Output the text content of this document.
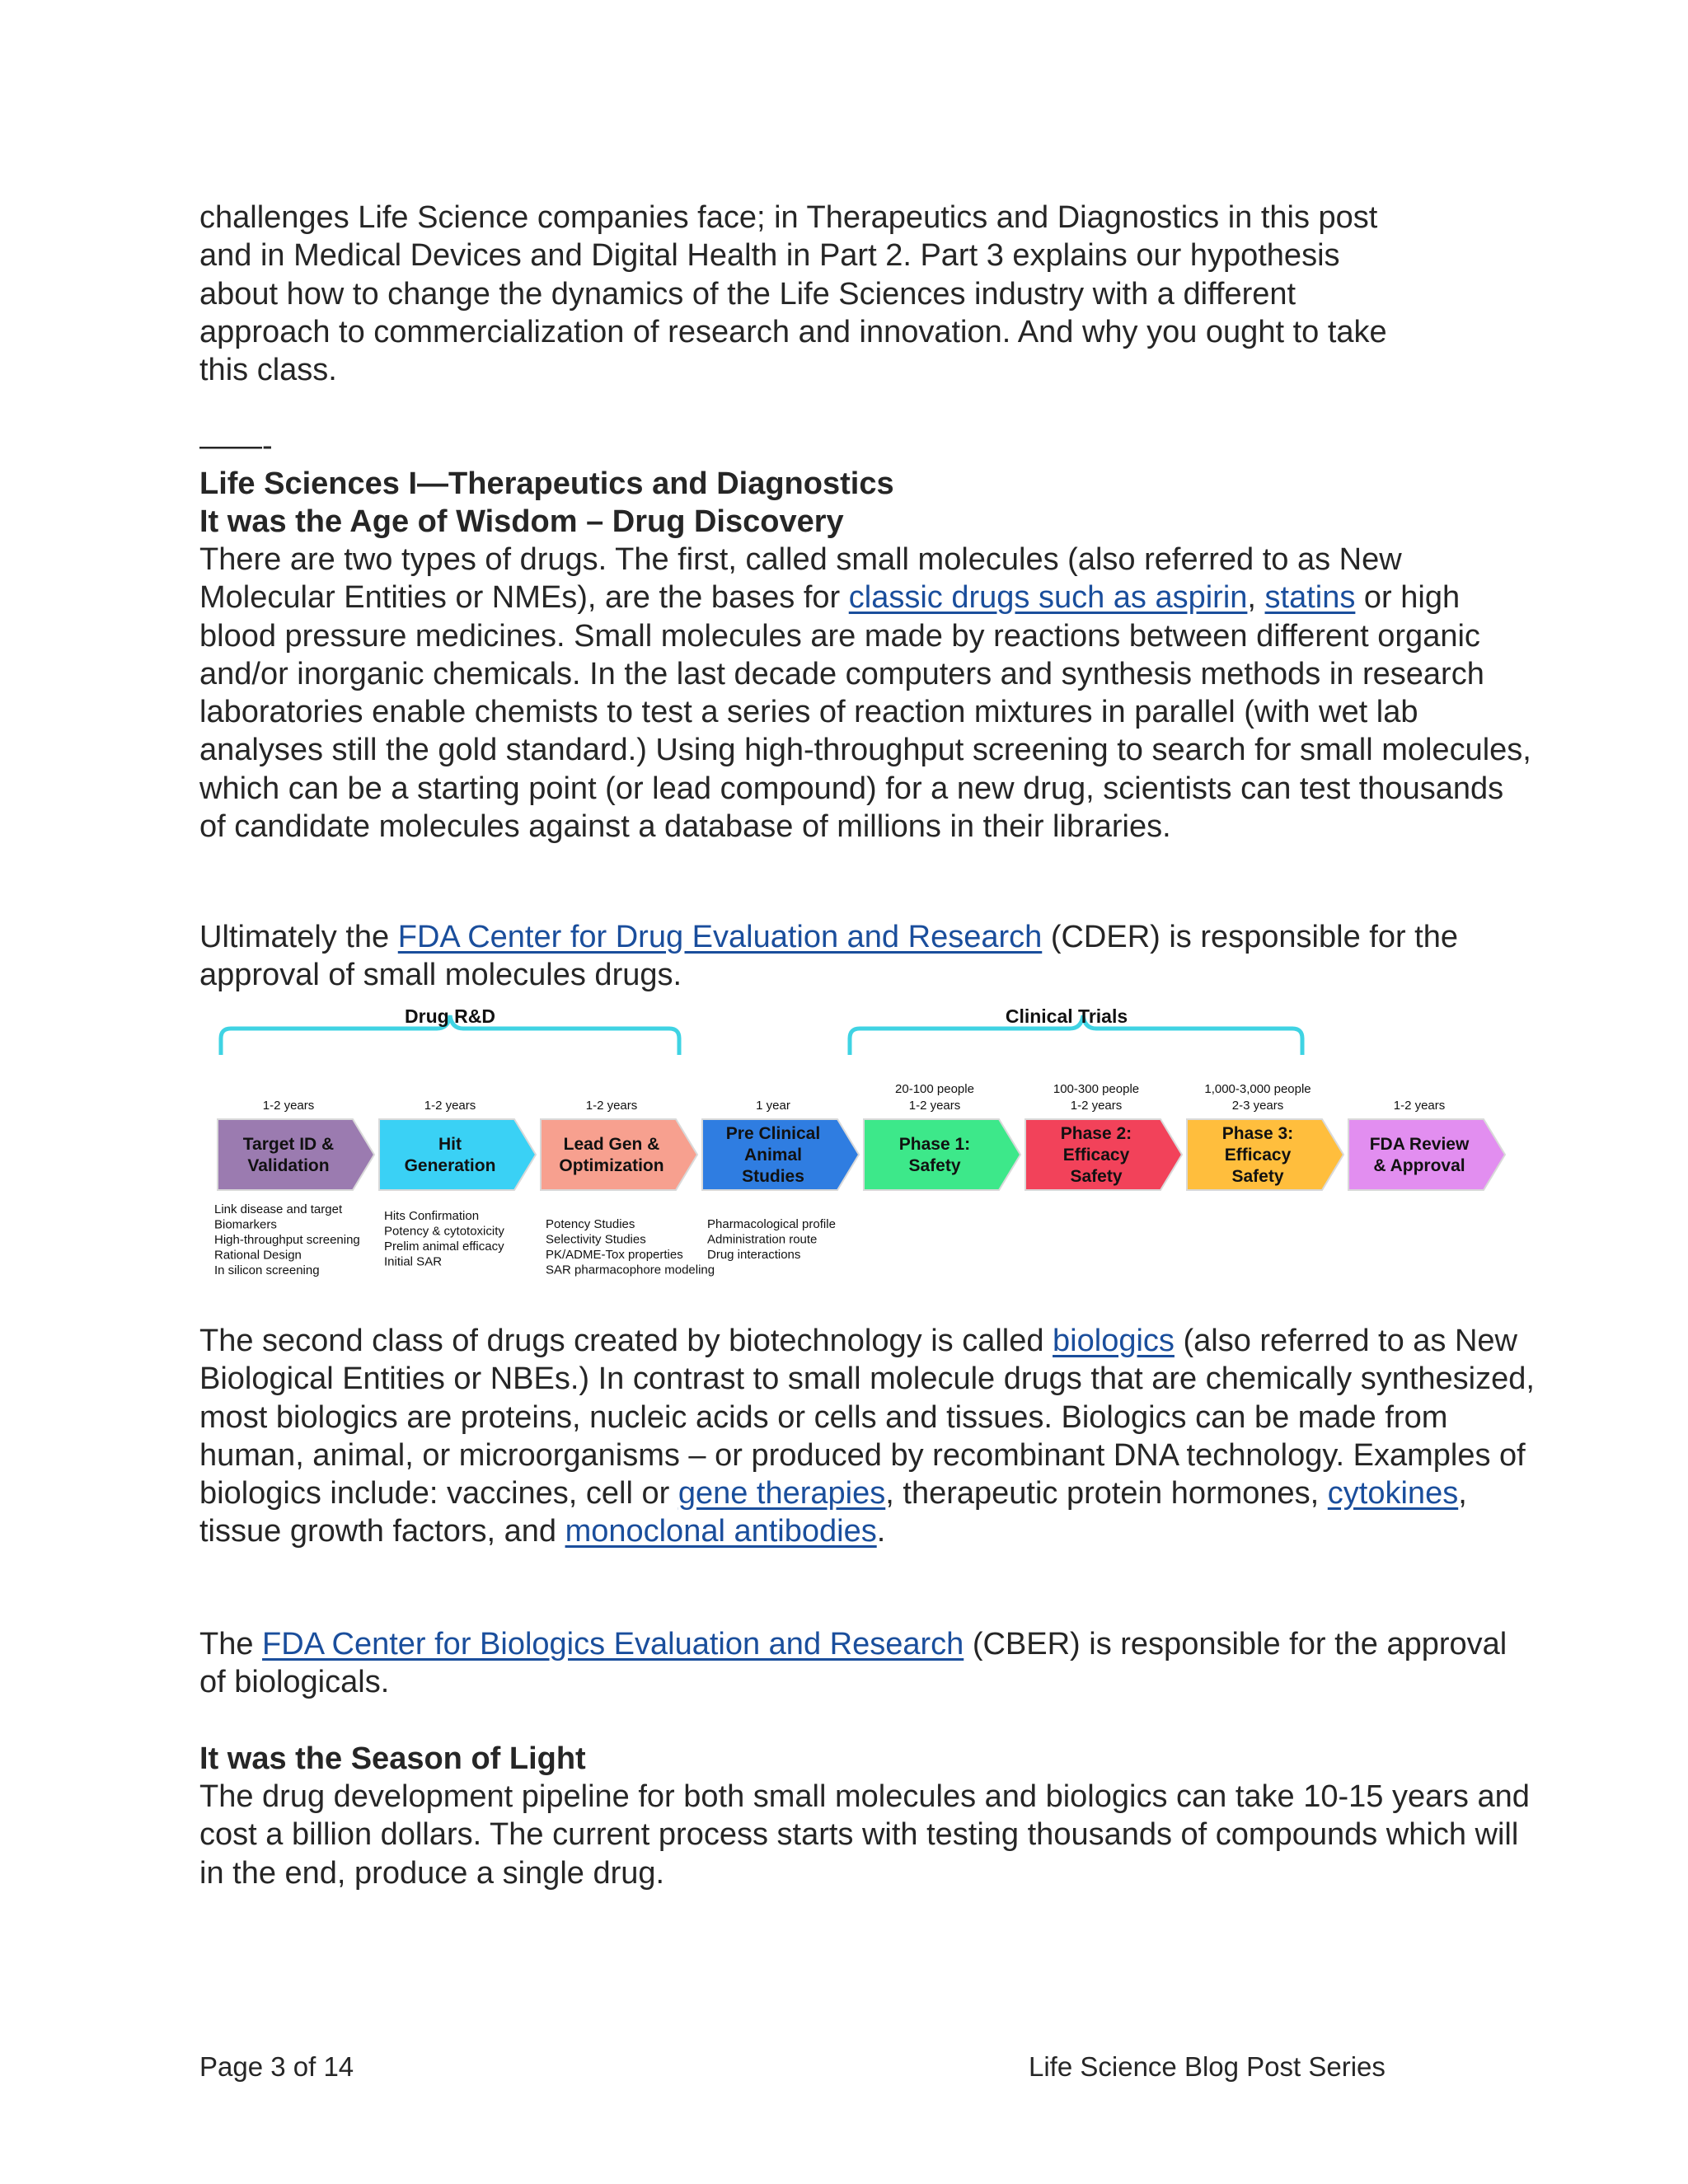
challenges Life Science companies face; in Therapeutics and Diagnostics in this post

and in Medical Devices and Digital Health in Part 2. Part 3 explains our hypothesis

about how to change the dynamics of the Life Sciences industry with a different

approach to commercialization of research and innovation. And why you ought to take

this class.

——-
Life Sciences I—Therapeutics and Diagnostics
It was the Age of Wisdom – Drug Discovery

There are two types of drugs. The first, called small molecules (also referred to as New Molecular Entities or NMEs), are the bases for classic drugs such as aspirin, statins or high blood pressure medicines. Small molecules are made by reactions between different organic and/or inorganic chemicals. In the last decade computers and synthesis methods in research laboratories enable chemists to test a series of reaction mixtures in parallel (with wet lab analyses still the gold standard.) Using high-throughput screening to search for small molecules, which can be a starting point (or lead compound) for a new drug, scientists can test thousands of candidate molecules against a database of millions in their libraries.

Ultimately the FDA Center for Drug Evaluation and Research (CDER) is responsible for the approval of small molecules drugs.

Drug R&D	Clinical Trials
Target ID &
Validation
1-2 years
Hit
Generation
1-2 years
Lead Gen &
Optimization
1-2 years
Pre Clinical
Animal
Studies
1 year
Phase 1:
Safety
20-100 people
1-2 years
Phase 2:
Efficacy
Safety
100-300 people
1-2 years
Phase 3:
Efficacy
Safety
1,000-3,000 people
2-3 years
FDA Review
& Approval
1-2 years
Link disease and target
Biomarkers
High-throughput screening
Rational Design
In silicon screening
Hits Confirmation
Potency & cytotoxicity
Prelim animal efficacy
Initial SAR
Potency Studies
Selectivity Studies
PK/ADME-Tox properties
SAR pharmacophore modeling
Pharmacological profile
Administration route
Drug interactions

The second class of drugs created by biotechnology is called biologics (also referred to as New Biological Entities or NBEs.) In contrast to small molecule drugs that are chemically synthesized, most biologics are proteins, nucleic acids or cells and tissues. Biologics can be made from human, animal, or microorganisms – or produced by recombinant DNA technology. Examples of biologics include: vaccines, cell or gene therapies, therapeutic protein hormones, cytokines, tissue growth factors, and monoclonal antibodies.

The FDA Center for Biologics Evaluation and Research (CBER) is responsible for the approval of biologicals.

It was the Season of Light

The drug development pipeline for both small molecules and biologics can take 10-15 years and cost a billion dollars. The current process starts with testing thousands of compounds which will in the end, produce a single drug.

Page 3 of 14	Life Science Blog Post Series
